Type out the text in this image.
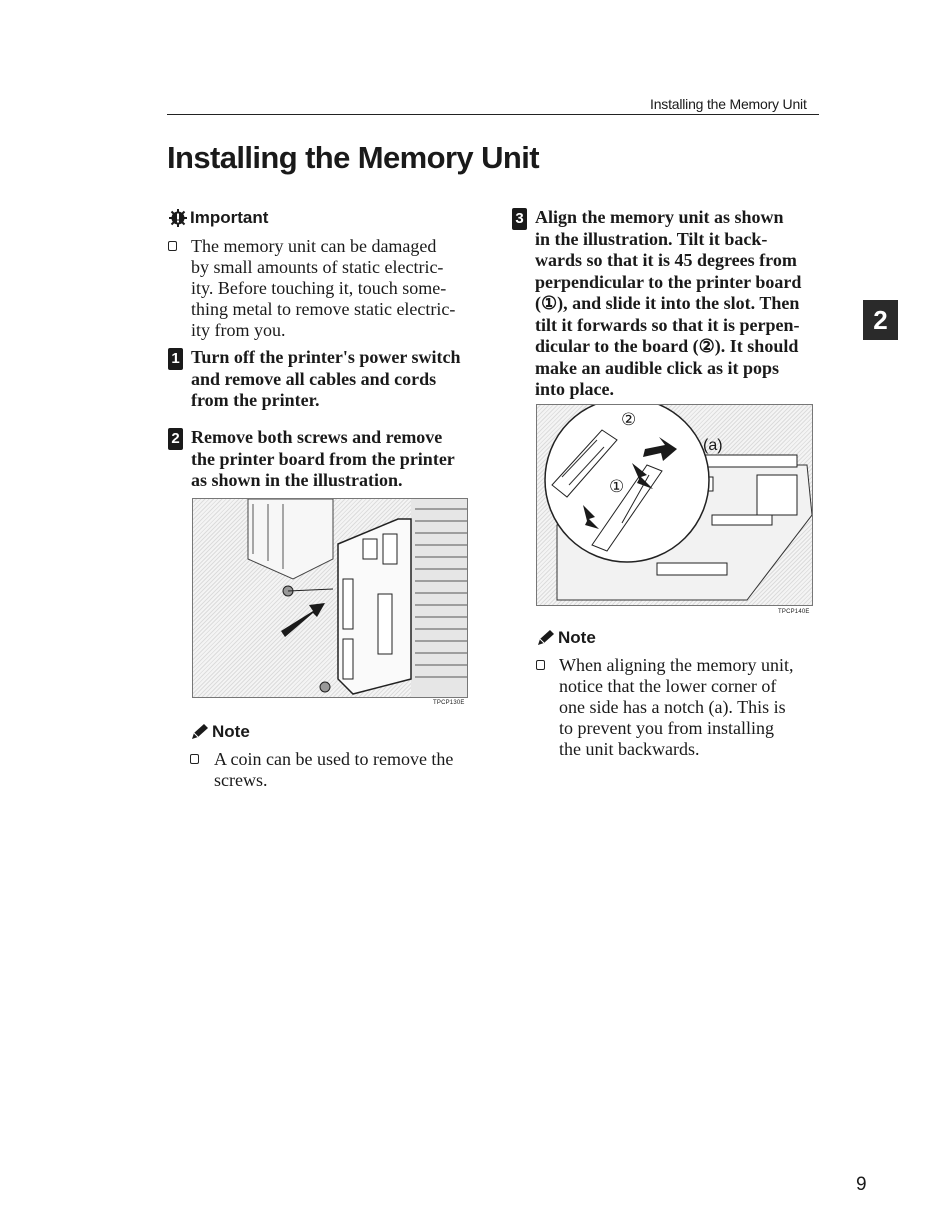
Installing the Memory Unit
Installing the Memory Unit
Important
The memory unit can be damaged
by small amounts of static electric-
ity. Before touching it, touch some-
thing metal to remove static electric-
ity from you.
1 Turn off the printer's power switch
and remove all cables and cords
from the printer.
2 Remove both screws and remove
the printer board from the printer
as shown in the illustration.
TPCP130E
Note
A coin can be used to remove the
screws.
3 Align the memory unit as shown
in the illustration. Tilt it back-
wards so that it is 45 degrees from
perpendicular to the printer board
(①), and slide it into the slot. Then
tilt it forwards so that it is perpen-
dicular to the board (②). It should
make an audible click as it pops
into place.
②
①
(a)
TPCP140E
Note
When aligning the memory unit,
notice that the lower corner of
one side has a notch (a). This is
to prevent you from installing
the unit backwards.
2
9
